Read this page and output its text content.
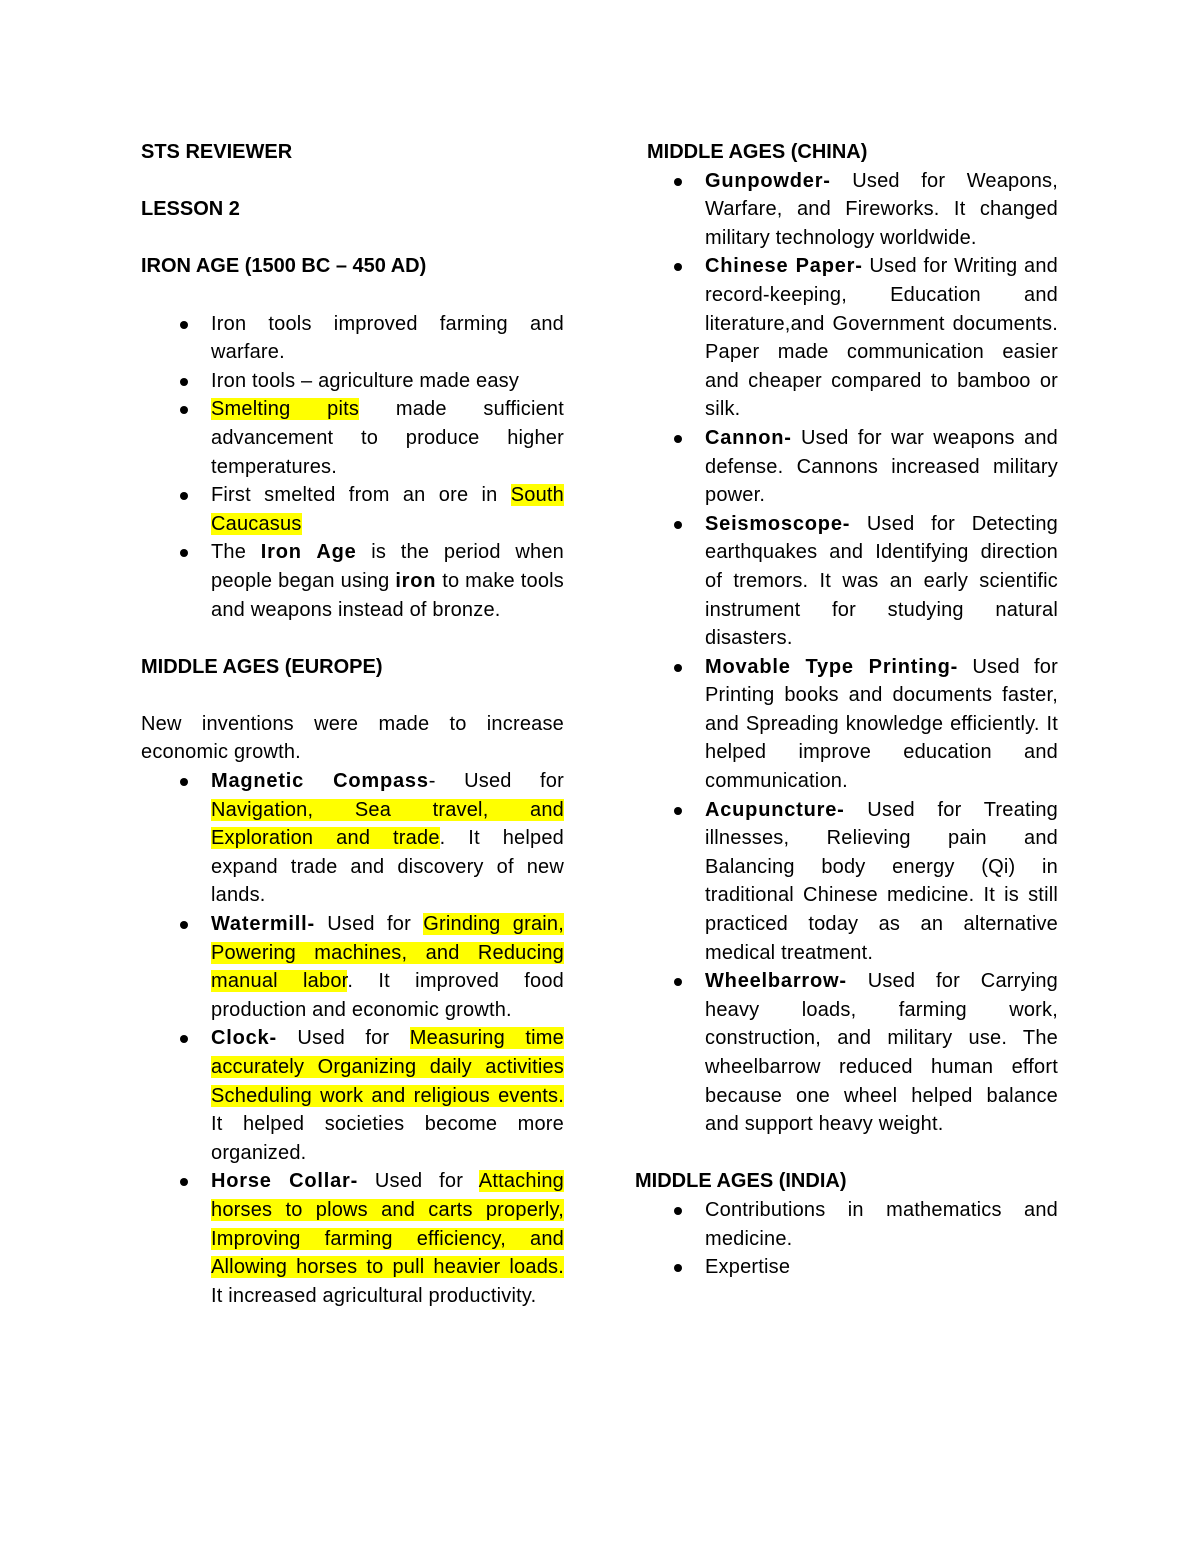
STS REVIEWER
LESSON 2
IRON AGE (1500 BC – 450 AD)
Iron tools improved farming and warfare.
Iron tools – agriculture made easy
Smelting pits made sufficient advancement to produce higher temperatures.
First smelted from an ore in South Caucasus
The Iron Age is the period when people began using iron to make tools and weapons instead of bronze.
MIDDLE AGES (EUROPE)

New inventions were made to increase economic growth.

Magnetic Compass- Used for Navigation, Sea travel, and Exploration and trade. It helped expand trade and discovery of new lands.
Watermill- Used for Grinding grain, Powering machines, and Reducing manual labor. It improved food production and economic growth.
Clock- Used for Measuring time accurately Organizing daily activities Scheduling work and religious events. It helped societies become more organized.
Horse Collar- Used for Attaching horses to plows and carts properly, Improving farming efficiency, and Allowing horses to pull heavier loads. It increased agricultural productivity.
MIDDLE AGES (CHINA)
Gunpowder- Used for Weapons, Warfare, and Fireworks. It changed military technology worldwide.
Chinese Paper- Used for Writing and record-keeping, Education and literature,and Government documents. Paper made communication easier and cheaper compared to bamboo or silk.
Cannon- Used for war weapons and defense. Cannons increased military power.
Seismoscope- Used for Detecting earthquakes and Identifying direction of tremors. It was an early scientific instrument for studying natural disasters.
Movable Type Printing- Used for Printing books and documents faster, and Spreading knowledge efficiently. It helped improve education and communication.
Acupuncture- Used for Treating illnesses, Relieving pain and Balancing body energy (Qi) in traditional Chinese medicine. It is still practiced today as an alternative medical treatment.
Wheelbarrow- Used for Carrying heavy loads, farming work, construction, and military use. The wheelbarrow reduced human effort because one wheel helped balance and support heavy weight.
MIDDLE AGES (INDIA)
Contributions in mathematics and medicine.
Expertise
